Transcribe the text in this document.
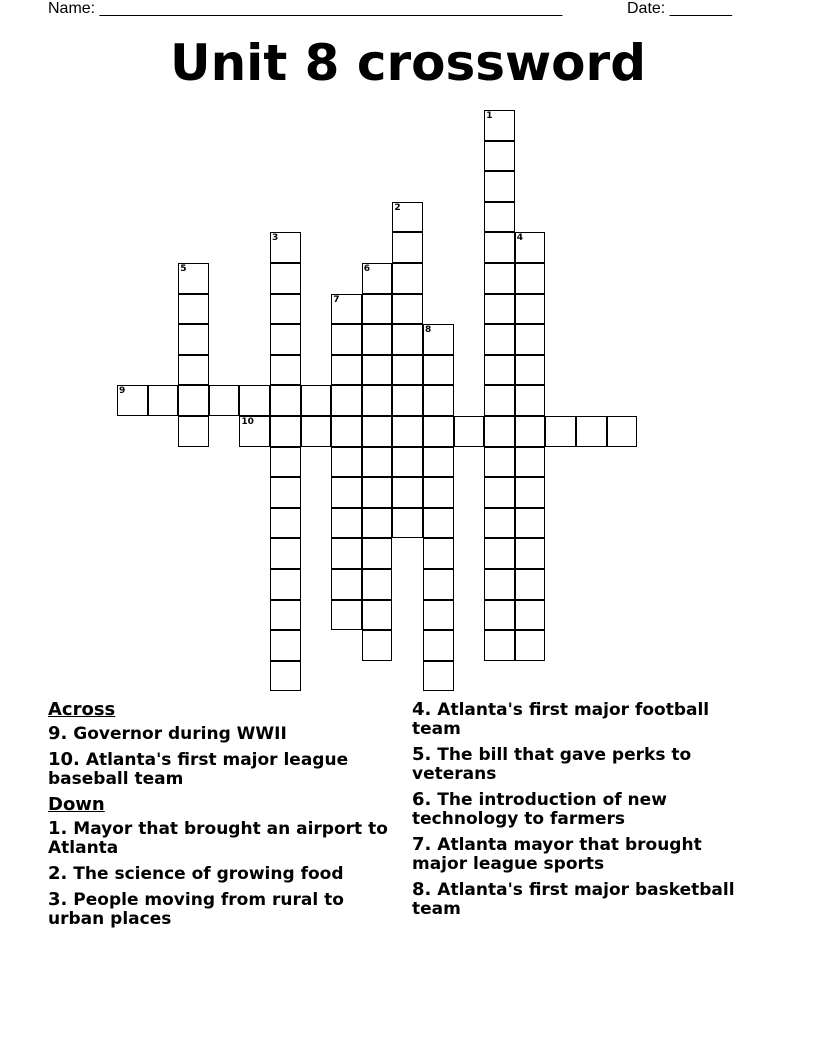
Name: ____________________________________________________	Date: _______
Unit 8 crossword
1
2
3	4
5	6
7
8
9
10
Across
9. Governor during WWII
10. Atlanta's first major league baseball team
Down
1. Mayor that brought an airport to Atlanta
2. The science of growing food
3. People moving from rural to urban places
4. Atlanta's first major football team
5. The bill that gave perks to veterans
6. The introduction of new technology to farmers
7. Atlanta mayor that brought major league sports
8. Atlanta's first major basketball team
